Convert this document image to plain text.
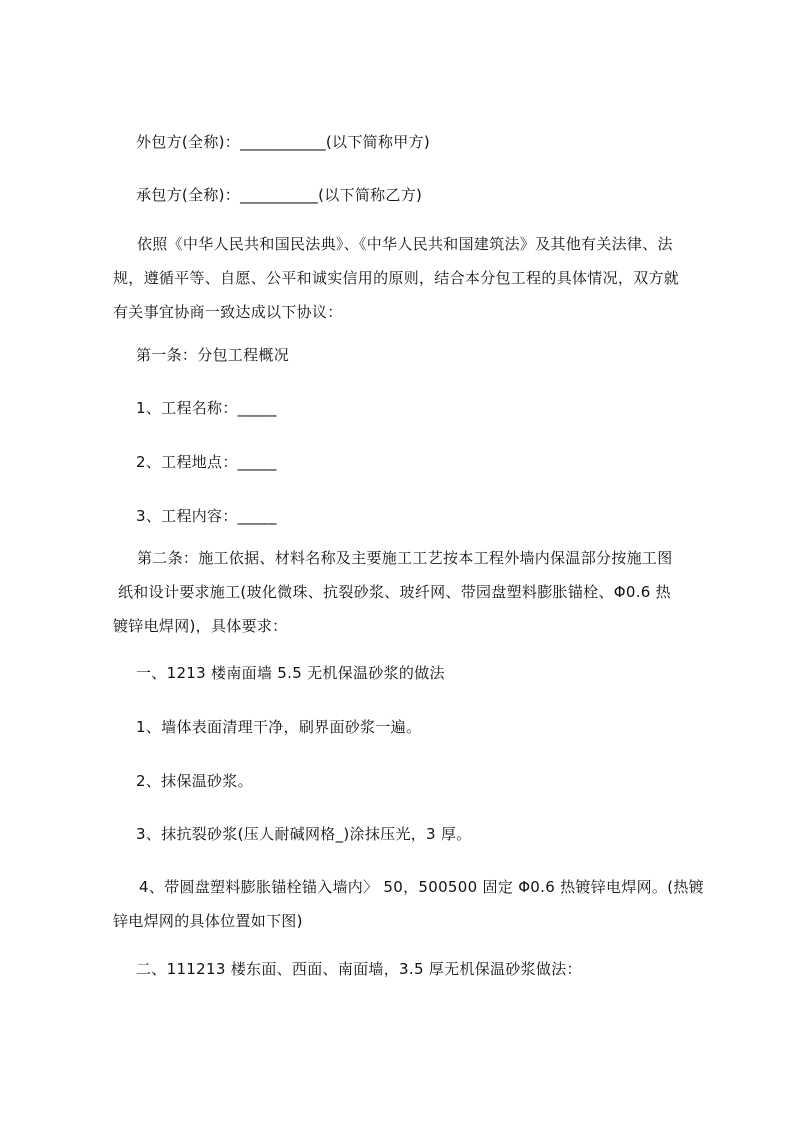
外包方(全称)：___________(以下简称甲方)
承包方(全称)：__________(以下简称乙方)
依照《中华人民共和国民法典》、《中华人民共和国建筑法》及其他有关法律、法
规，遵循平等、自愿、公平和诚实信用的原则，结合本分包工程的具体情况，双方就
有关事宜协商一致达成以下协议：
第一条：分包工程概况
1、工程名称：_____
2、工程地点：_____
3、工程内容：_____
第二条：施工依据、材料名称及主要施工工艺按本工程外墙内保温部分按施工图
纸和设计要求施工(玻化微珠、抗裂砂浆、玻纤网、带园盘塑料膨胀锚栓、Φ0.6 热
镀锌电焊网)，具体要求：
一、1213 楼南面墙 5.5 无机保温砂浆的做法
1、墙体表面清理干净，刷界面砂浆一遍。
2、抹保温砂浆。
3、抹抗裂砂浆(压人耐碱网格_)涂抹压光，3 厚。
4、带圆盘塑料膨胀锚栓锚入墙内〉 50，500500 固定 Φ0.6 热镀锌电焊网。(热镀
锌电焊网的具体位置如下图)
二、111213 楼东面、西面、南面墙，3.5 厚无机保温砂浆做法：
